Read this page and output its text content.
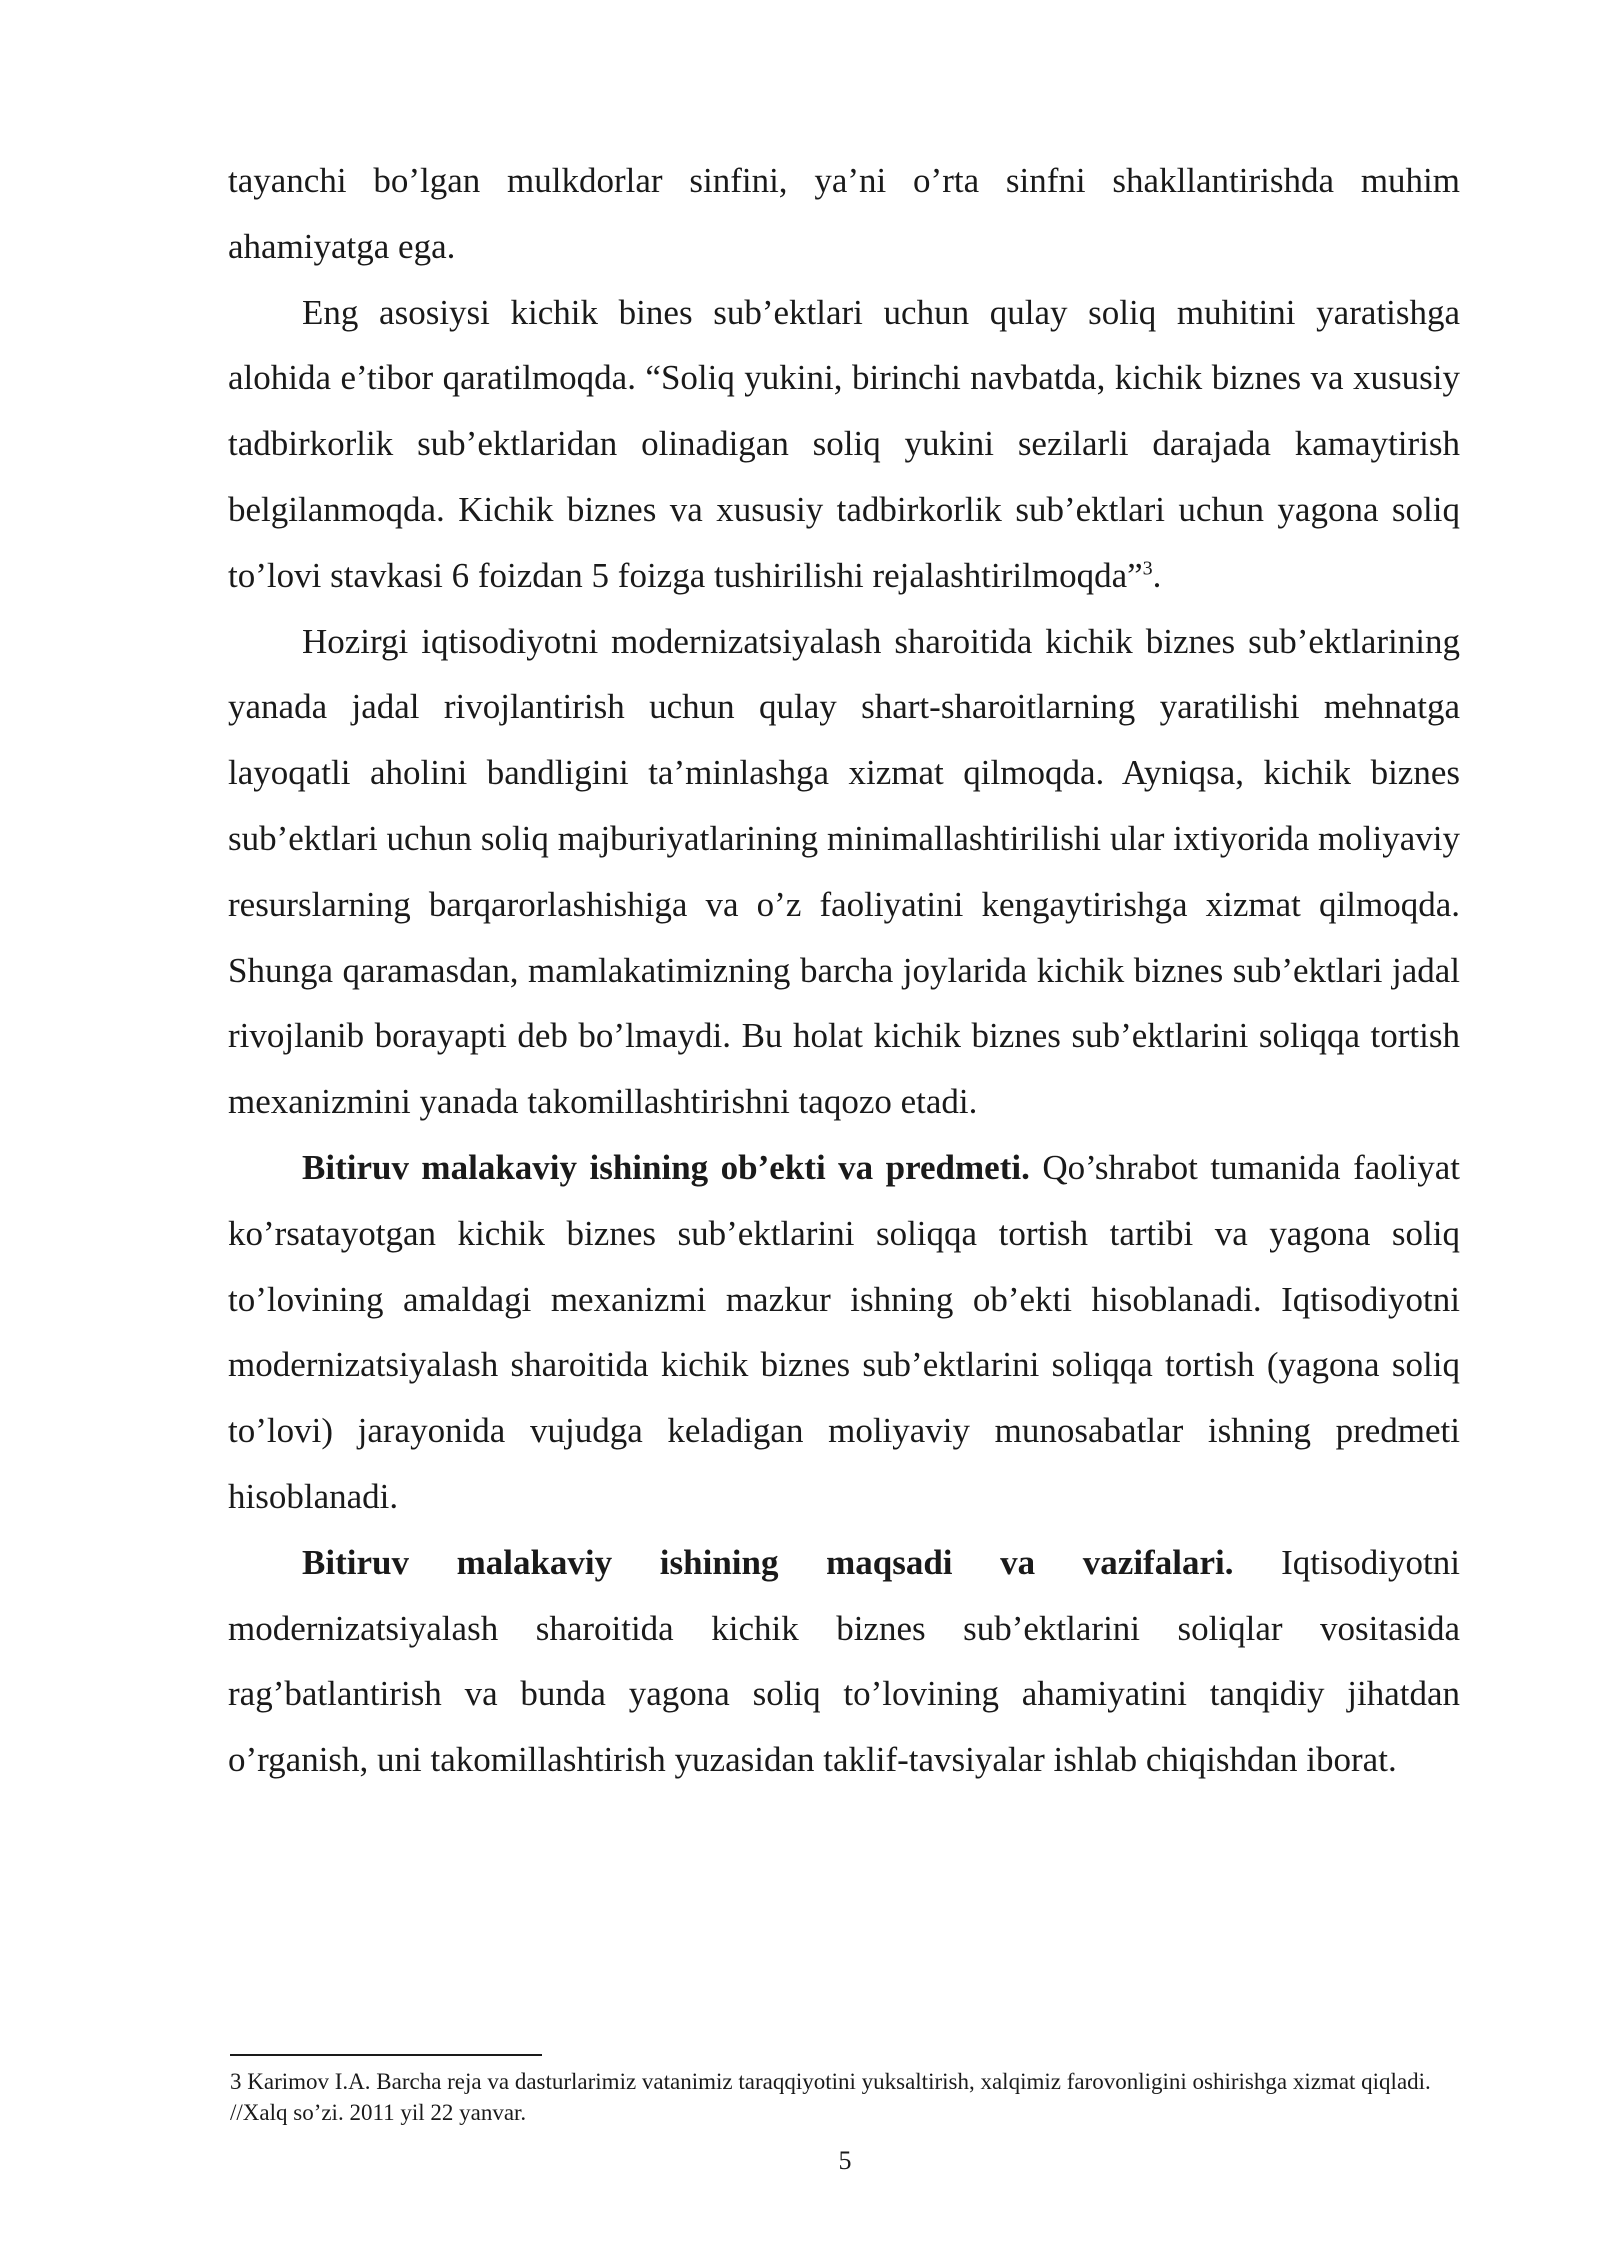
tayanchi bo’lgan mulkdorlar sinfini, ya’ni o’rta sinfni shakllantirishda muhim ahamiyatga ega.

Eng asosiysi kichik bines sub’ektlari uchun qulay soliq muhitini yaratishga alohida e’tibor qaratilmoqda. “Soliq yukini, birinchi navbatda, kichik biznes va xususiy tadbirkorlik sub’ektlaridan olinadigan soliq yukini sezilarli darajada kamaytirish belgilanmoqda. Kichik biznes va xususiy tadbirkorlik sub’ektlari uchun yagona soliq to’lovi stavkasi 6 foizdan 5 foizga tushirilishi rejalashtirilmoqda”$^3$.

Hozirgi iqtisodiyotni modernizatsiyalash sharoitida kichik biznes sub’ektlarining yanada jadal rivojlantirish uchun qulay shart-sharoitlarning yaratilishi mehnatga layoqatli aholini bandligini ta’minlashga xizmat qilmoqda. Ayniqsa, kichik biznes sub’ektlari uchun soliq majburiyatlarining minimallashtirilishi ular ixtiyorida moliyaviy resurslarning barqarorlashishiga va o’z faoliyatini kengaytirishga xizmat qilmoqda. Shunga qaramasdan, mamlakatimizning barcha joylarida kichik biznes sub’ektlari jadal rivojlanib borayapti deb bo’lmaydi. Bu holat kichik biznes sub’ektlarini soliqqa tortish mexanizmini yanada takomillashtirishni taqozo etadi.

Bitiruv malakaviy ishining ob’ekti va predmeti. Qo’shrabot tumanida faoliyat ko’rsatayotgan kichik biznes sub’ektlarini soliqqa tortish tartibi va yagona soliq to’lovining amaldagi mexanizmi mazkur ishning ob’ekti hisoblanadi. Iqtisodiyotni modernizatsiyalash sharoitida kichik biznes sub’ektlarini soliqqa tortish (yagona soliq to’lovi) jarayonida vujudga keladigan moliyaviy munosabatlar ishning predmeti hisoblanadi.

Bitiruv malakaviy ishining maqsadi va vazifalari. Iqtisodiyotni modernizatsiyalash sharoitida kichik biznes sub’ektlarini soliqlar vositasida rag’batlantirish va bunda yagona soliq to’lovining ahamiyatini tanqidiy jihatdan o’rganish, uni takomillashtirish yuzasidan taklif-tavsiyalar ishlab chiqishdan iborat.

3 Karimov I.A. Barcha reja va dasturlarimiz vatanimiz taraqqiyotini yuksaltirish, xalqimiz farovonligini oshirishga xizmat qiqladi. //Xalq so’zi. 2011 yil 22 yanvar.

5
